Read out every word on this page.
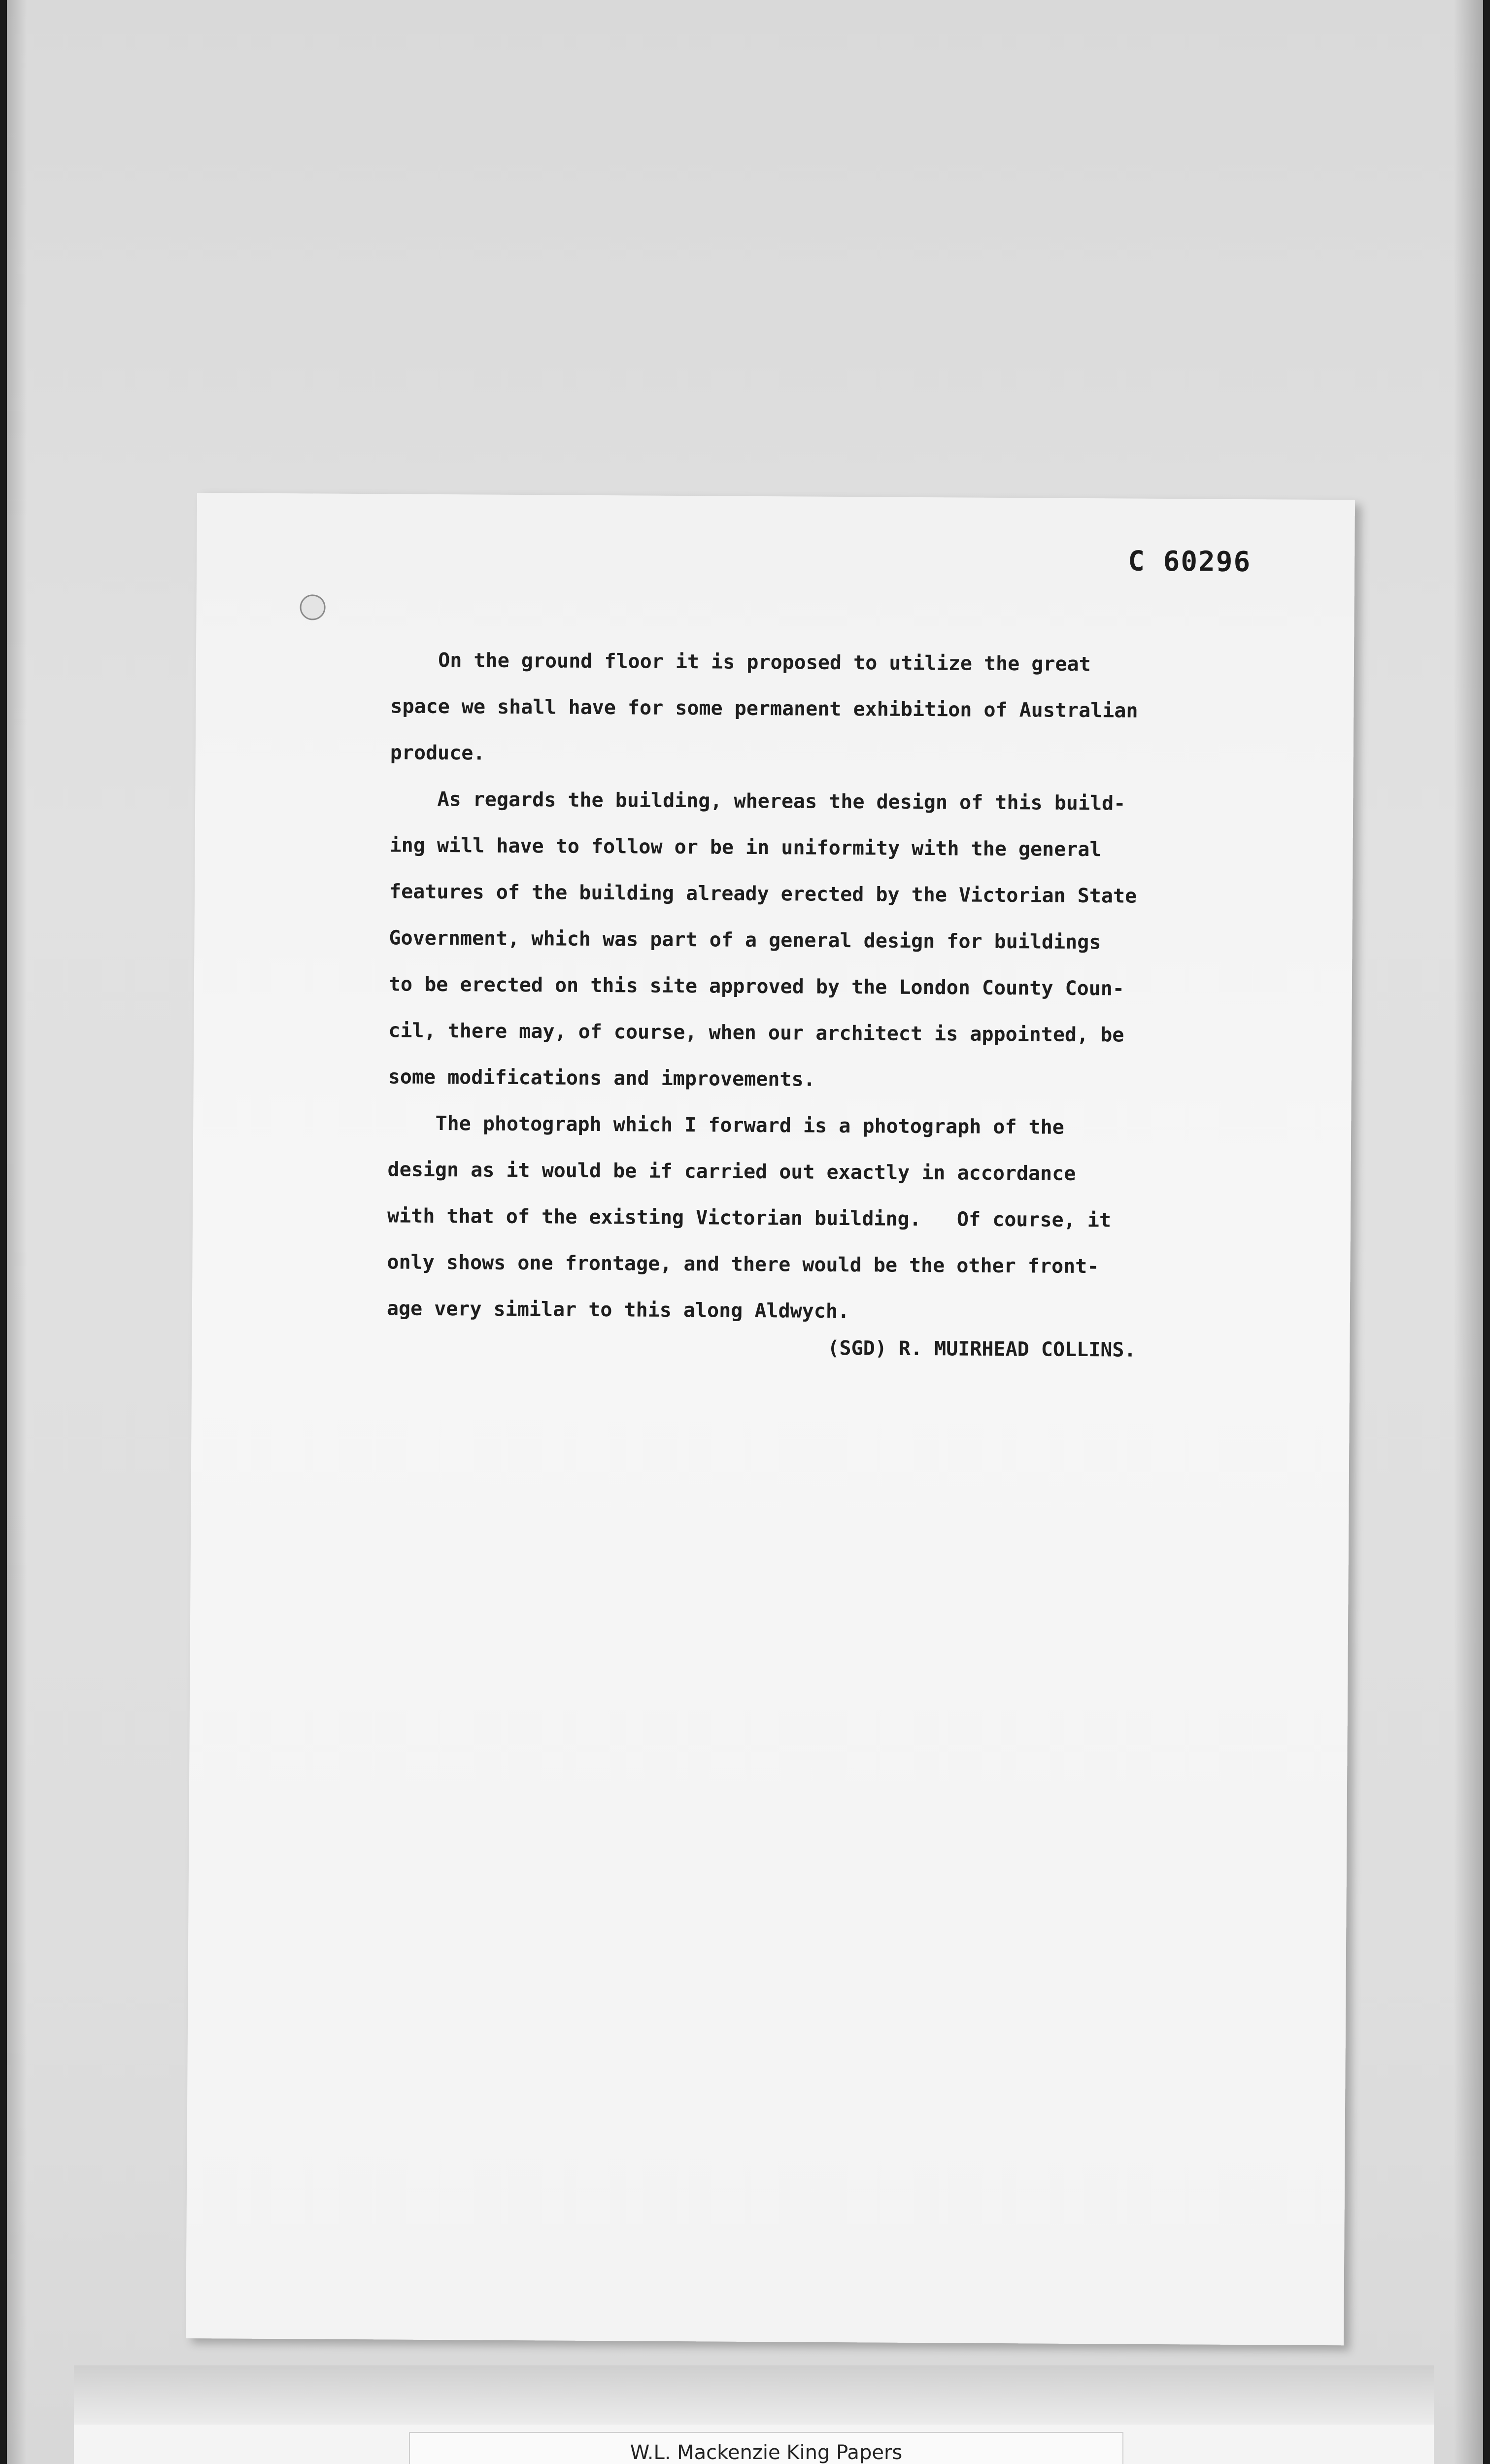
C 60296
On the ground floor it is proposed to utilize the great
space we shall have for some permanent exhibition of Australian
produce.
As regards the building, whereas the design of this build-
ing will have to follow or be in uniformity with the general
features of the building already erected by the Victorian State
Government, which was part of a general design for buildings
to be erected on this site approved by the London County Coun-
cil, there may, of course, when our architect is appointed, be
some modifications and improvements.
The photograph which I forward is a photograph of the
design as it would be if carried out exactly in accordance
with that of the existing Victorian building.   Of course, it
only shows one frontage, and there would be the other front-
age very similar to this along Aldwych.
(SGD) R. MUIRHEAD COLLINS.
W.L. Mackenzie King Papers
